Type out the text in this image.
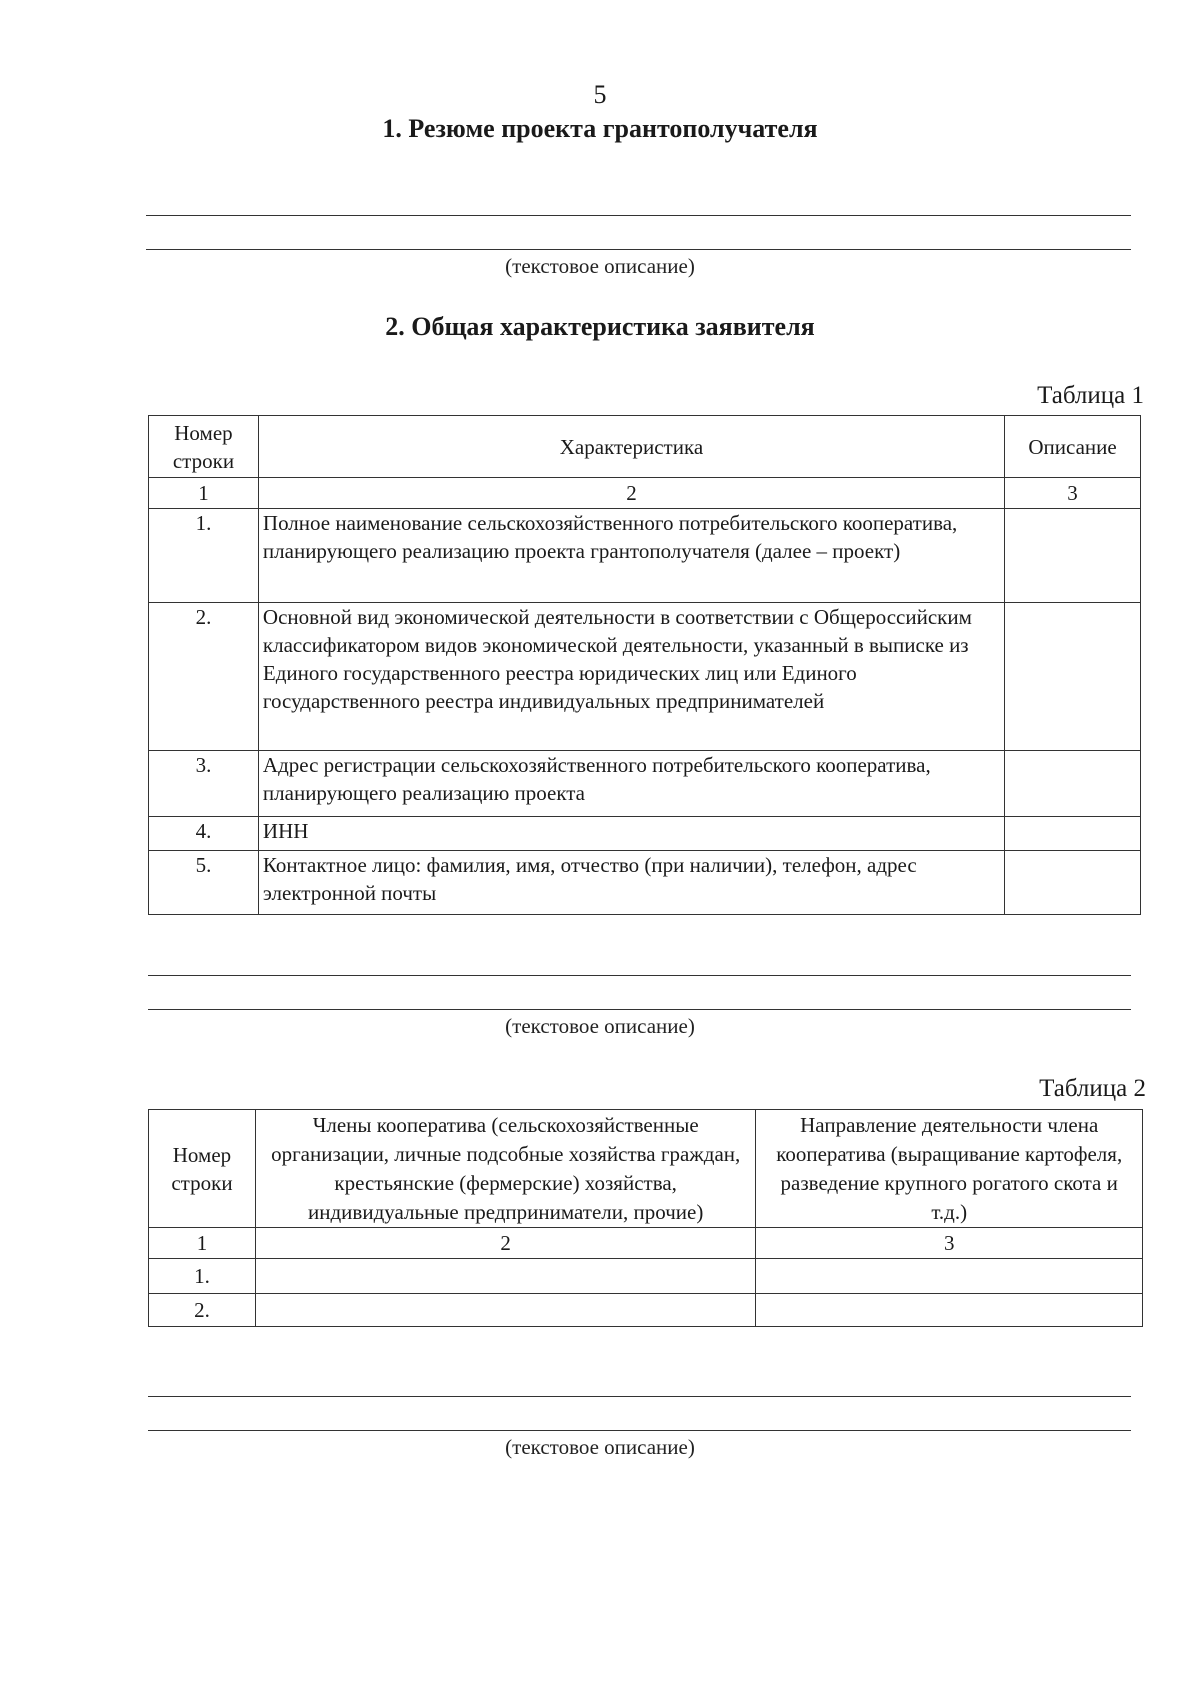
5
1. Резюме проекта грантополучателя
(текстовое описание)
2. Общая характеристика заявителя
Таблица 1
Номер строки	Характеристика	Описание
1	2	3
1.	Полное наименование сельскохозяйственного потребительского кооператива, планирующего реализацию проекта грантополучателя (далее – проект)	
2.	Основной вид экономической деятельности в соответствии с Общероссийским классификатором видов экономической деятельности, указанный в выписке из Единого государственного реестра юридических лиц или Единого государственного реестра индивидуальных предпринимателей	
3.	Адрес регистрации сельскохозяйственного потребительского кооператива, планирующего реализацию проекта	
4.	ИНН	
5.	Контактное лицо: фамилия, имя, отчество (при наличии), телефон, адрес электронной почты	
(текстовое описание)
Таблица 2
Номер строки	Члены кооператива (сельскохозяйственные организации, личные подсобные хозяйства граждан, крестьянские (фермерские) хозяйства, индивидуальные предприниматели, прочие)	Направление деятельности члена кооператива (выращивание картофеля, разведение крупного рогатого скота и т.д.)
1	2	3
1.		
2.		
(текстовое описание)
